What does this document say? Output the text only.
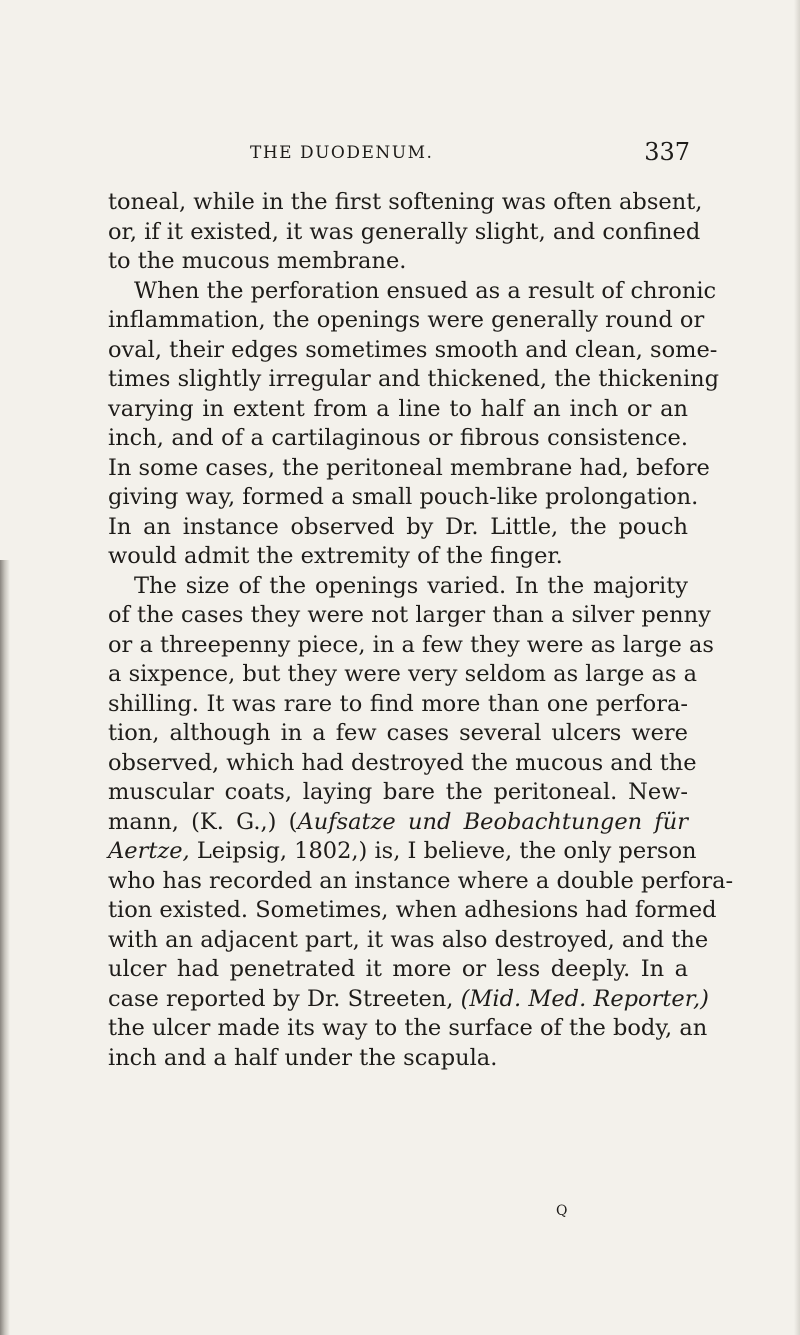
THE DUODENUM.	337
toneal, while in the first softening was often absent,
or, if it existed, it was generally slight, and confined
to the mucous membrane.
When the perforation ensued as a result of chronic
inflammation, the openings were generally round or
oval, their edges sometimes smooth and clean, some-
times slightly irregular and thickened, the thickening
varying in extent from a line to half an inch or an
inch, and of a cartilaginous or fibrous consistence.
In some cases, the peritoneal membrane had, before
giving way, formed a small pouch-like prolongation.
In an instance observed by Dr. Little, the pouch
would admit the extremity of the finger.
The size of the openings varied. In the majority
of the cases they were not larger than a silver penny
or a threepenny piece, in a few they were as large as
a sixpence, but they were very seldom as large as a
shilling. It was rare to find more than one perfora-
tion, although in a few cases several ulcers were
observed, which had destroyed the mucous and the
muscular coats, laying bare the peritoneal. New-
mann, (K. G.,) (Aufsatze und Beobachtungen für
Aertze, Leipsig, 1802,) is, I believe, the only person
who has recorded an instance where a double perfora-
tion existed. Sometimes, when adhesions had formed
with an adjacent part, it was also destroyed, and the
ulcer had penetrated it more or less deeply. In a
case reported by Dr. Streeten, (Mid. Med. Reporter,)
the ulcer made its way to the surface of the body, an
inch and a half under the scapula.
Q
